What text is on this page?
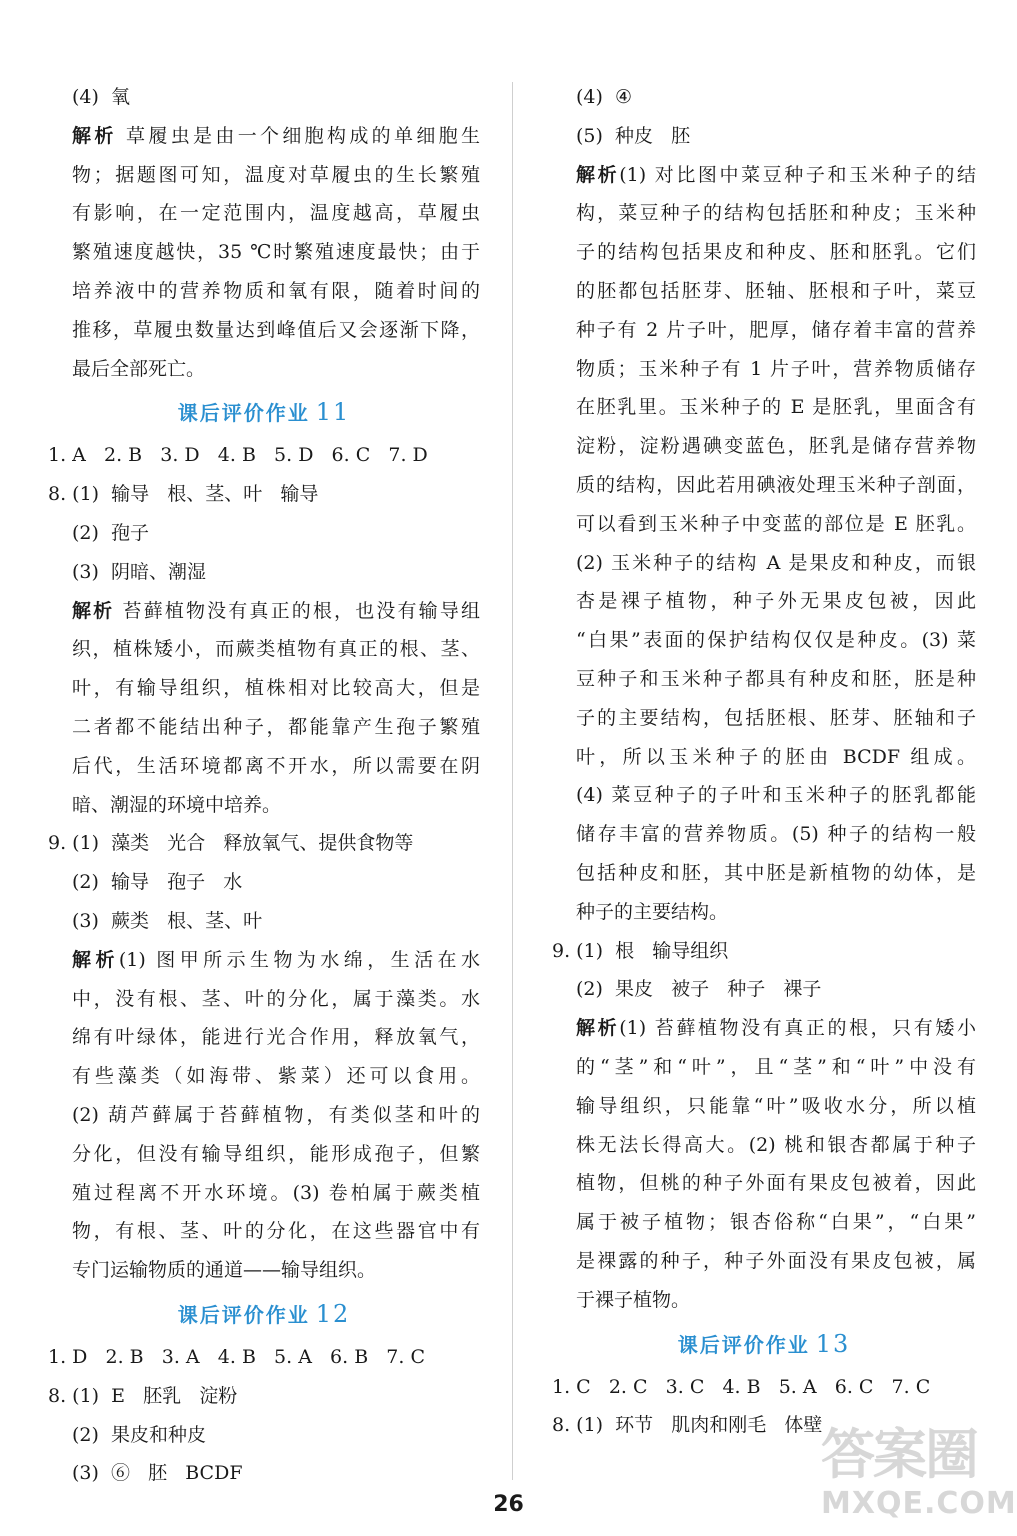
(4)  氧
解析 草履虫是由一个细胞构成的单细胞生
物；据题图可知，温度对草履虫的生长繁殖
有影响，在一定范围内，温度越高，草履虫
繁殖速度越快，35 ℃时繁殖速度最快；由于
培养液中的营养物质和氧有限，随着时间的
推移，草履虫数量达到峰值后又会逐渐下降，
最后全部死亡。
课后评价作业 11
1. A   2. B   3. D   4. B   5. D   6. C   7. D
8. (1)  输导   根、茎、叶   输导
(2)  孢子
(3)  阴暗、潮湿
解析 苔藓植物没有真正的根，也没有输导组
织，植株矮小，而蕨类植物有真正的根、茎、
叶，有输导组织，植株相对比较高大，但是
二者都不能结出种子，都能靠产生孢子繁殖
后代，生活环境都离不开水，所以需要在阴
暗、潮湿的环境中培养。
9. (1)  藻类   光合   释放氧气、提供食物等
(2)  输导   孢子   水
(3)  蕨类   根、茎、叶
解析(1) 图甲所示生物为水绵，生活在水
中，没有根、茎、叶的分化，属于藻类。水
绵有叶绿体，能进行光合作用，释放氧气，
有些藻类（如海带、紫菜）还可以食用。
(2) 葫芦藓属于苔藓植物，有类似茎和叶的
分化，但没有输导组织，能形成孢子，但繁
殖过程离不开水环境。(3) 卷柏属于蕨类植
物，有根、茎、叶的分化，在这些器官中有
专门运输物质的通道——输导组织。
课后评价作业 12
1. D   2. B   3. A   4. B   5. A   6. B   7. C
8. (1)  E   胚乳   淀粉
(2)  果皮和种皮
(3)  ⑥   胚   BCDF
(4)  ④
(5)  种皮   胚
解析(1) 对比图中菜豆种子和玉米种子的结
构，菜豆种子的结构包括胚和种皮；玉米种
子的结构包括果皮和种皮、胚和胚乳。它们
的胚都包括胚芽、胚轴、胚根和子叶，菜豆
种子有 2 片子叶，肥厚，储存着丰富的营养
物质；玉米种子有 1 片子叶，营养物质储存
在胚乳里。玉米种子的 E 是胚乳，里面含有
淀粉，淀粉遇碘变蓝色，胚乳是储存营养物
质的结构，因此若用碘液处理玉米种子剖面，
可以看到玉米种子中变蓝的部位是 E 胚乳。
(2) 玉米种子的结构 A 是果皮和种皮，而银
杏是裸子植物，种子外无果皮包被，因此
“白果”表面的保护结构仅仅是种皮。(3) 菜
豆种子和玉米种子都具有种皮和胚，胚是种
子的主要结构，包括胚根、胚芽、胚轴和子
叶，所以玉米种子的胚由 BCDF 组成。
(4) 菜豆种子的子叶和玉米种子的胚乳都能
储存丰富的营养物质。(5) 种子的结构一般
包括种皮和胚，其中胚是新植物的幼体，是
种子的主要结构。
9. (1)  根   输导组织
(2)  果皮   被子   种子   裸子
解析(1) 苔藓植物没有真正的根，只有矮小
的“茎”和“叶”，且“茎”和“叶”中没有
输导组织，只能靠“叶”吸收水分，所以植
株无法长得高大。(2) 桃和银杏都属于种子
植物，但桃的种子外面有果皮包被着，因此
属于被子植物；银杏俗称“白果”，“白果”
是裸露的种子，种子外面没有果皮包被，属
于裸子植物。
课后评价作业 13
1. C   2. C   3. C   4. B   5. A   6. C   7. C
8. (1)  环节   肌肉和刚毛   体壁
26
答案圈
MXQE.COM
